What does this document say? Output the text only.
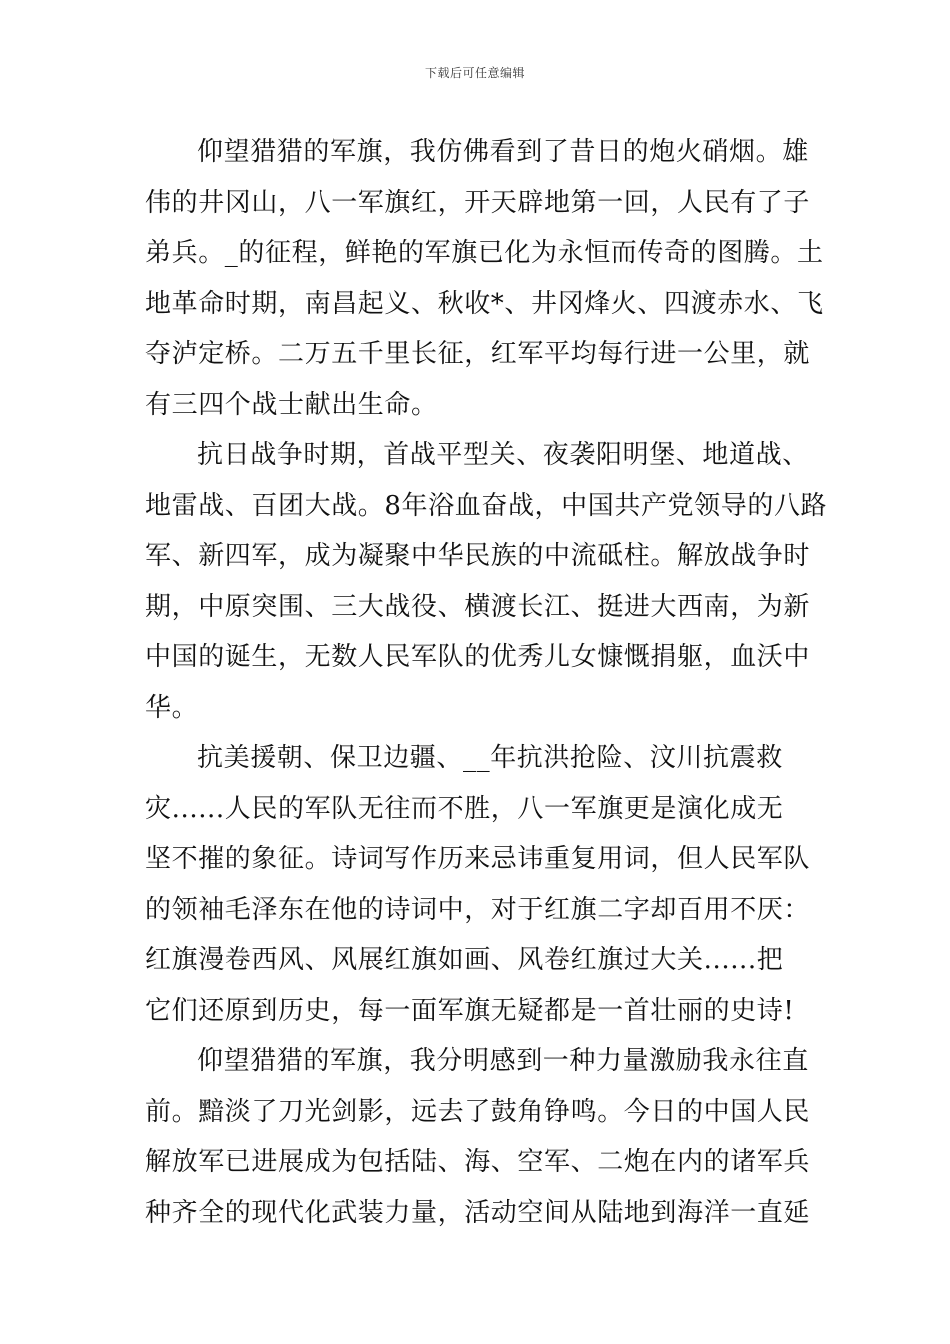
下载后可任意编辑
仰望猎猎的军旗，我仿佛看到了昔日的炮火硝烟。雄
伟的井冈山，八一军旗红，开天辟地第一回，人民有了子
弟兵。_的征程，鲜艳的军旗已化为永恒而传奇的图腾。土
地革命时期，南昌起义、秋收*、井冈烽火、四渡赤水、飞
夺泸定桥。二万五千里长征，红军平均每行进一公里，就
有三四个战士献出生命。
抗日战争时期，首战平型关、夜袭阳明堡、地道战、
地雷战、百团大战。8年浴血奋战，中国共产党领导的八路
军、新四军，成为凝聚中华民族的中流砥柱。解放战争时
期，中原突围、三大战役、横渡长江、挺进大西南，为新
中国的诞生，无数人民军队的优秀儿女慷慨捐躯，血沃中
华。
抗美援朝、保卫边疆、__年抗洪抢险、汶川抗震救
灾......人民的军队无往而不胜，八一军旗更是演化成无
坚不摧的象征。诗词写作历来忌讳重复用词，但人民军队
的领袖毛泽东在他的诗词中，对于红旗二字却百用不厌：
红旗漫卷西风、风展红旗如画、风卷红旗过大关......把
它们还原到历史，每一面军旗无疑都是一首壮丽的史诗!
仰望猎猎的军旗，我分明感到一种力量激励我永往直
前。黯淡了刀光剑影，远去了鼓角铮鸣。今日的中国人民
解放军已进展成为包括陆、海、空军、二炮在内的诸军兵
种齐全的现代化武装力量，活动空间从陆地到海洋一直延
